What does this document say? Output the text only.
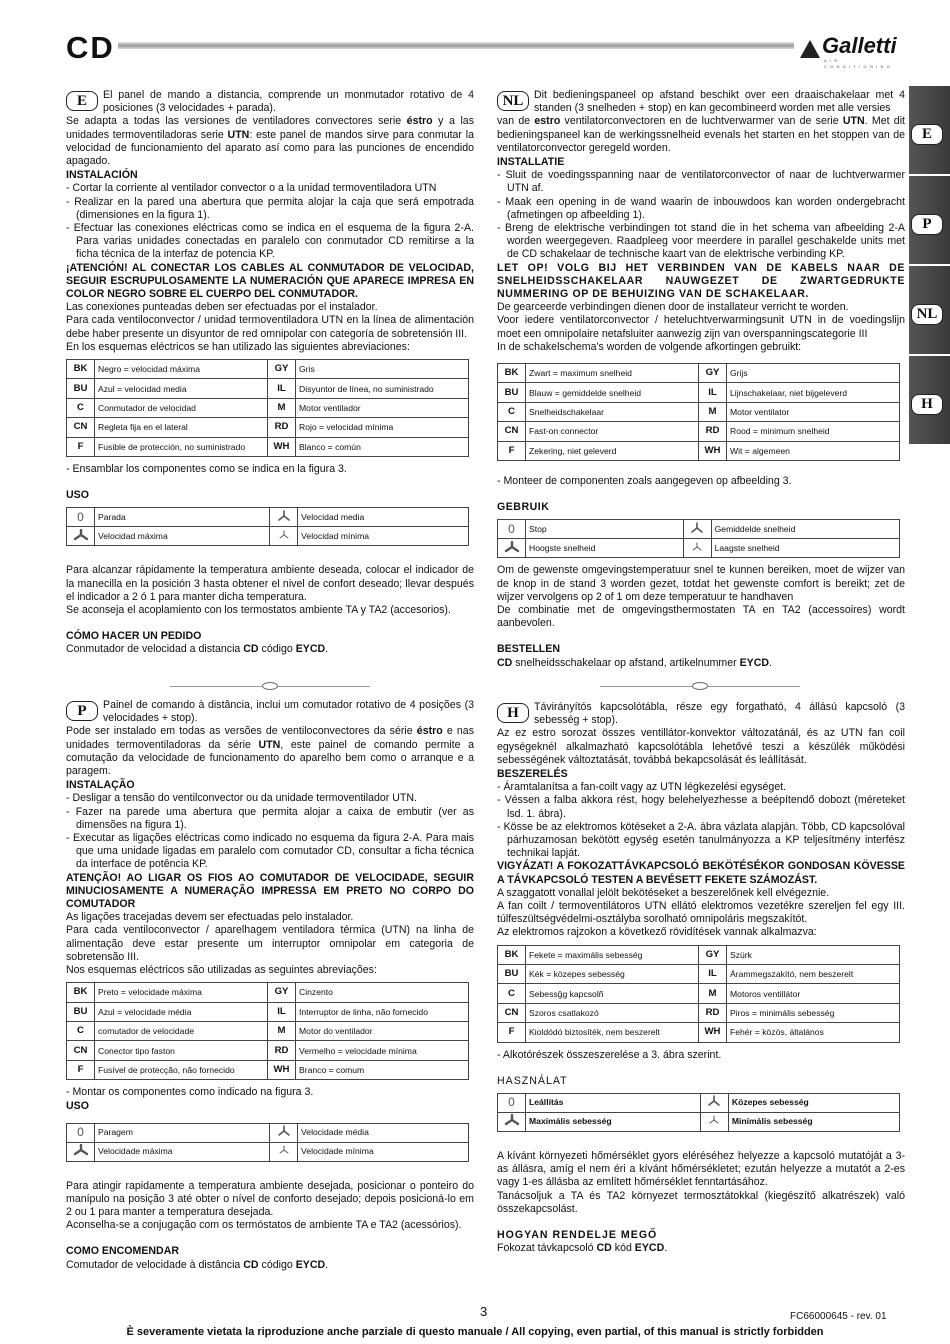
CD	Galletti
AIR CONDITIONING
E
P
NL
H

E	El panel de mando a distancia, comprende un monmutador rotativo de 4 posiciones (3 velocidades + parada).

Se adapta a todas las versiones de ventiladores convectores serie éstro y a las unidades termoventiladoras serie UTN: este panel de mandos sirve para conmutar la velocidad de funcionamiento del aparato así como para las punciones de encendido apagado.

INSTALACIÓN
- Cortar la corriente al ventilador convector o a la unidad termoventiladora UTN
- Realizar en la pared una abertura que permita alojar la caja que será empotrada (dimensiones en la figura 1).
- Efectuar las conexiones eléctricas como se indica en el esquema de la figura 2-A. Para varias unidades conectadas en paralelo con conmutador CD remitirse a la ficha técnica de la interfaz de potencia KP.

¡ATENCIÓN! AL CONECTAR LOS CABLES AL CONMUTADOR DE VELOCIDAD, SEGUIR ESCRUPULOSAMENTE LA NUMERACIÓN QUE APARECE IMPRESA EN COLOR NEGRO SOBRE EL CUERPO DEL CONMUTADOR.

Las conexiones punteadas deben ser efectuadas por el instalador.

Para cada ventiloconvector / unidad termoventiladora UTN en la línea de alimentación debe haber presente un disyuntor de red omnipolar con categoría de sobretensión III.

En los esquemas eléctricos se han utilizado las siguientes abreviaciones:

BK	Negro = velocidad máxima	GY	Gris
BU	Azul = velocidad media	IL	Disyuntor de línea, no suministrado
C	Conmutador de velocidad	M	Motor ventilador
CN	Regleta fija en el lateral	RD	Rojo = velocidad mínima
F	Fusible de protección, no suministrado	WH	Blanco = común

- Ensamblar los componentes como se indica en la figura 3.

USO
0	Parada		Velocidad media
	Velocidad máxima		Velocidad mínima

Para alcanzar rápidamente la temperatura ambiente deseada, colocar el indicador de la manecilla en la posición 3 hasta obtener el nivel de confort deseado; llevar después el indicador a 2 ó 1 para manter dicha temperatura.

Se aconseja el acoplamiento con los termostatos ambiente TA y TA2 (accesorios).

CÓMO HACER UN PEDIDO

Conmutador de velocidad a distancia CD código EYCD.

P	Painel de comando à distância, inclui um comutador rotativo de 4 posições (3 velocidades + stop).

Pode ser instalado em todas as versões de ventiloconvectores da série éstro e nas unidades termoventiladoras da série UTN, este painel de comando permite a comutação da velocidade de funcionamento do aparelho bem como o arranque e a paragem.

INSTALAÇÃO
- Desligar a tensão do ventilconvector ou da unidade termoventilador UTN.
- Fazer na parede uma abertura que permita alojar a caixa de embutir (ver as dimensões na figura 1).
- Executar as ligações eléctricas como indicado no esquema da figura 2-A. Para mais que uma unidade ligadas em paralelo com comutador CD, consultar a ficha técnica da interface de potência KP.

ATENÇÃO! AO LIGAR OS FIOS AO COMUTADOR DE VELOCIDADE, SEGUIR MINUCIOSAMENTE A NUMERAÇÃO IMPRESSA EM PRETO NO CORPO DO COMUTADOR

As ligações tracejadas devem ser efectuadas pelo instalador.

Para cada ventiloconvector / aparelhagem ventiladora térmica (UTN) na linha de alimentação deve estar presente um interruptor omnipolar em categoria de sobretensão III.

Nos esquemas eléctricos são utilizadas as seguintes abreviações:

BK	Preto = velocidade máxima	GY	Cinzento
BU	Azul = velocidade média	IL	Interruptor de linha, não fornecido
C	comutador de velocidade	M	Motor do ventilador
CN	Conector tipo faston	RD	Vermelho = velocidade mínima
F	Fusível de protecção, não fornecido	WH	Branco = comum

- Montar os componentes como indicado na figura 3.

USO
0	Paragem		Velocidade média
	Velocidade máxima		Velocidade mínima

Para atingir rapidamente a temperatura ambiente desejada, posicionar o ponteiro do manípulo na posição 3 até obter o nível de conforto desejado; depois posicioná-lo em 2 ou 1 para manter a temperatura desejada.

Aconselha-se a conjugação com os termóstatos de ambiente TA e TA2 (acessórios).

COMO ENCOMENDAR

Comutador de velocidade à distância CD código EYCD.

NL Dit bedieningspaneel op afstand beschikt over een draaischakelaar met 4 standen (3 snelheden + stop) en kan gecombineerd worden met alle versies

van de estro ventilatorconvectoren en de luchtverwarmer van de serie UTN. Met dit bedieningspaneel kan de werkingssnelheid evenals het starten en het stoppen van de ventilatorconvector geregeld worden.

INSTALLATIE
- Sluit de voedingsspanning naar de ventilatorconvector of naar de luchtverwarmer UTN af.
- Maak een opening in de wand waarin de inbouwdoos kan worden ondergebracht (afmetingen op afbeelding 1).
- Breng de elektrische verbindingen tot stand die in het schema van afbeelding 2-A worden weergegeven. Raadpleeg voor meerdere in parallel geschakelde units met de CD schakelaar de technische kaart van de elektrische verbinding KP.

LET OP! VOLG BIJ HET VERBINDEN VAN DE KABELS NAAR DE SNELHEIDSSCHAKELAAR NAUWGEZET DE ZWARTGEDRUKTE NUMMERING OP DE BEHUIZING VAN DE SCHAKELAAR.

De gearceerde verbindingen dienen door de installateur verricht te worden.

Voor iedere ventilatorconvector / heteluchtverwarmingsunit UTN in de voedingslijn moet een omnipolaire netafsluiter aanwezig zijn van overspanningscategorie III

In de schakelschema's worden de volgende afkortingen gebruikt:

BK	Zwart = maximum snelheid	GY	Grijs
BU	Blauw = gemiddelde snelheid	IL	Lijnschakelaar, niet bijgeleverd
C	Snelheidschakelaar	M	Motor ventilator
CN	Fast-on connector	RD	Rood = minimum snelheid
F	Zekering, niet geleverd	WH	Wit = algemeen

- Monteer de componenten zoals aangegeven op afbeelding 3.

GEBRUIK
0	Stop		Gemiddelde snelheid
	Hoogste snelheid		Laagste snelheid

Om de gewenste omgevingstemperatuur snel te kunnen bereiken, moet de wijzer van de knop in de stand 3 worden gezet, totdat het gewenste comfort is bereikt; zet de wijzer vervolgens op 2 of 1 om deze temperatuur te handhaven

De combinatie met de omgevingsthermostaten TA en TA2 (accessoires) wordt aanbevolen.

BESTELLEN

CD snelheidsschakelaar op afstand, artikelnummer EYCD.

H	Távirányítós kapcsolótábla, része egy forgatható, 4 állású kapcsoló (3 sebesség + stop).

Az ez estro sorozat összes ventillátor-konvektor változatánál, és az UTN fan coil egységeknél alkalmazható kapcsolótábla lehetővé teszi a készülék működési sebességének változtatását, továbbá bekapcsolását és leállítását.

BESZERELÉS
- Áramtalanítsa a fan-coilt vagy az UTN légkezelési egységet.
- Véssen a falba akkora rést, hogy belehelyezhesse a beépítendő dobozt (méreteket lsd. 1. ábra).
- Kösse be az elektromos kötéseket a 2-A. ábra vázlata alapján. Több, CD kapcsolóval párhuzamosan bekötött egység esetén tanulmányozza a KP teljesítmény interfész technikai lapját.

VIGYÁZAT! A FOKOZATTÁVKAPCSOLÓ BEKÖTÉSÉKOR GONDOSAN KÖVESSE A TÁVKAPCSOLÓ TESTEN A BEVÉSETT FEKETE SZÁMOZÁST.

A szaggatott vonallal jelölt bekötéseket a beszerelőnek kell elvégeznie.

A fan coilt / termoventilátoros UTN ellátó elektromos vezetékre szereljen fel egy III. túlfeszültségvédelmi-osztályba sorolható omnipoláris megszakítót.

Az elektromos rajzokon a következő rövidítések vannak alkalmazva:

BK	Fekete = maximális sebesség	GY	Szürk
BU	Kék = közepes sebesség	IL	Árammegszakító, nem beszerelt
C	Sebessğg kapcsolñ	M	Motoros ventillátor
CN	Szoros csatlakozó	RD	Piros = minimális sebesség
F	Kioldódó biztosíték, nem beszerelt	WH	Fehér = közös, általános

- Alkotórészek összeszerelése a 3. ábra szerint.

HASZNÁLAT
0	Leállítás		Közepes sebesség
	Maximális sebesség		Minimális sebesség

A kívánt környezeti hőmérséklet gyors eléréséhez helyezze a kapcsoló mutatóját a 3-as állásra, amíg el nem éri a kívánt hőmérsékletet; ezután helyezze a mutatót a 2-es vagy 1-es állásba az említett hőmérséklet fenntartásához.

Tanácsoljuk a TA és TA2 környezet termosztátokkal (kiegészítő alkatrészek) való összekapcsolást.

HOGYAN RENDELJE MEGŐ

Fokozat távkapcsoló CD kód EYCD.

3	FC66000645 - rev. 01
È severamente vietata la riproduzione anche parziale di questo manuale / All copying, even partial, of this manual is strictly forbidden
